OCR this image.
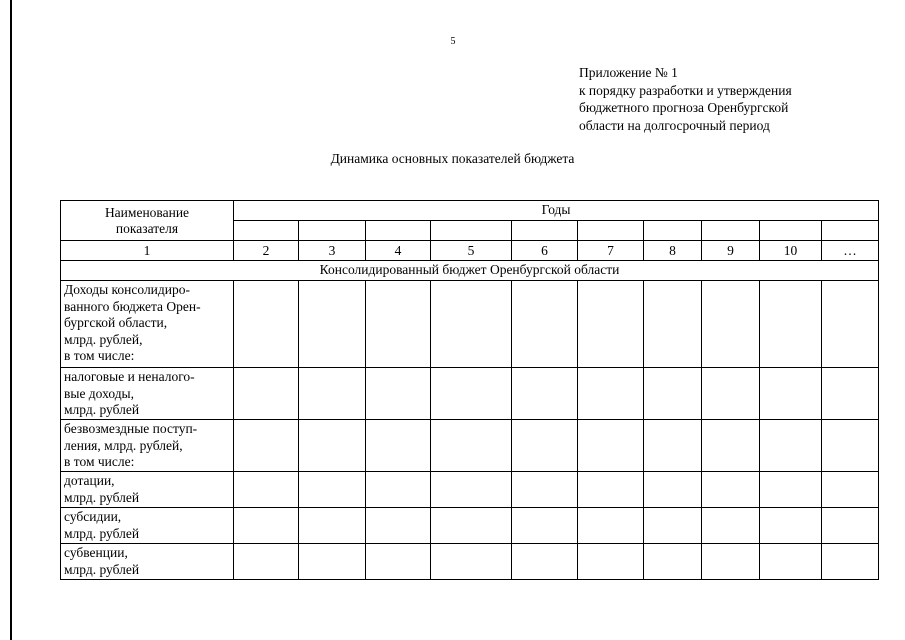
5
Приложение № 1
к порядку разработки и утверждения
бюджетного прогноза Оренбургской
области на долгосрочный период
Динамика основных показателей бюджета
Наименование
показателя	Годы									

1	2	3	4	5	6	7	8	9	10	…
Консолидированный бюджет Оренбургской области										

Доходы консолидиро-
ванного бюджета Орен-
бургской области,
млрд. рублей,
в том числе:										

налоговые и неналого-
вые доходы,
млрд. рублей										

безвозмездные поступ-
ления, млрд. рублей,
в том числе:										

дотации,
млрд. рублей										

субсидии,
млрд. рублей										

субвенции,
млрд. рублей										
